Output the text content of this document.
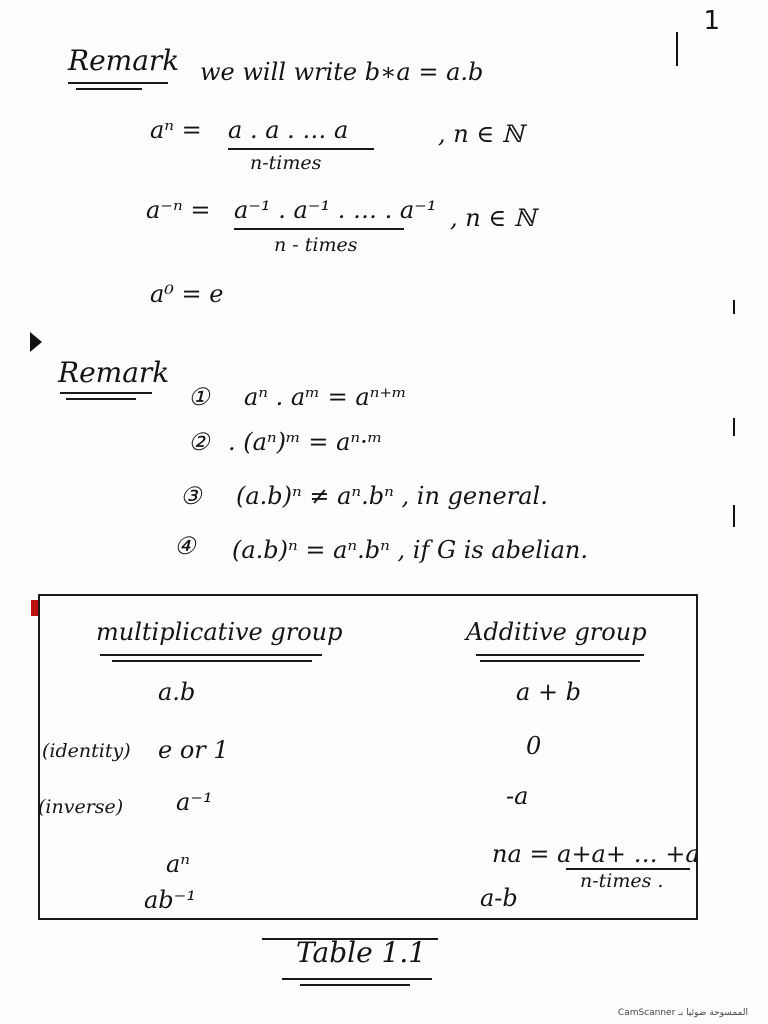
1
Remark we will write b∗a = a.b
aⁿ = a . a . … a
n-times
, n ∈ ℕ
a⁻ⁿ = a⁻¹ . a⁻¹ . … . a⁻¹
n - times
, n ∈ ℕ
a⁰ = e
Remark
① aⁿ . aᵐ = aⁿ⁺ᵐ
② . (aⁿ)ᵐ = aⁿ·ᵐ
③ (a.b)ⁿ ≠ aⁿ.bⁿ , in general.
④ (a.b)ⁿ = aⁿ.bⁿ , if G is abelian.
multiplicative group	Additive group
a.b	a + b
(identity) e or 1	0
(inverse) a⁻¹	-a
aⁿ	na = a+a+ … +a
n-times .
ab⁻¹	a-b
Table 1.1
CamScanner الممسوحة ضوئيا بـ
